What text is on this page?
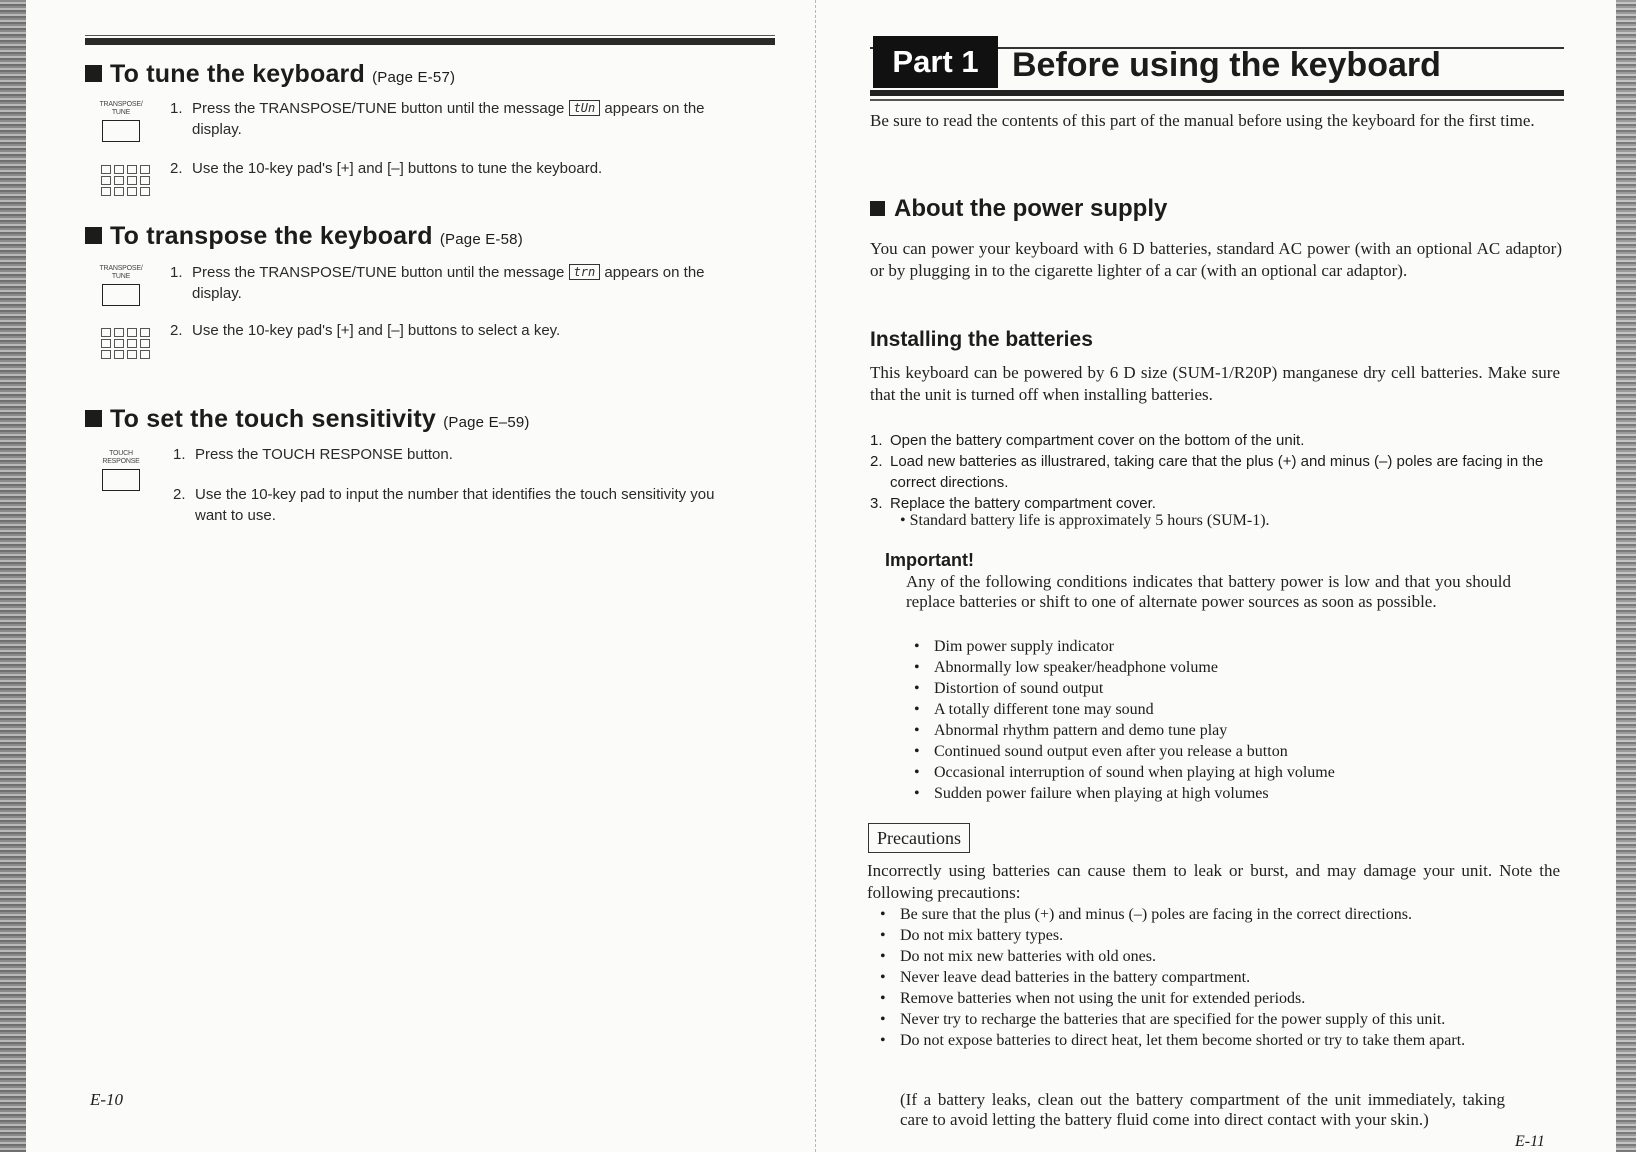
To tune the keyboard (Page E-57)
TRANSPOSE/
TUNE	1. Press the TRANSPOSE/TUNE button until the message tUn appears on the
display.
2. Use the 10-key pad's [+] and [–] buttons to tune the keyboard.
To transpose the keyboard (Page E-58)
TRANSPOSE/
TUNE	1. Press the TRANSPOSE/TUNE button until the message trn appears on the
display.
2. Use the 10-key pad's [+] and [–] buttons to select a key.
To set the touch sensitivity (Page E–59)
TOUCH RESPONSE	1. Press the TOUCH RESPONSE button.
2. Use the 10-key pad to input the number that identifies the touch sensitivity you
want to use.
E-10
Part 1 Before using the keyboard
Be sure to read the contents of this part of the manual before using the keyboard for the first time.
About the power supply
You can power your keyboard with 6 D batteries, standard AC power (with an optional AC adaptor) or by plugging in to the cigarette lighter of a car (with an optional car adaptor).
Installing the batteries
This keyboard can be powered by 6 D size (SUM-1/R20P) manganese dry cell batteries. Make sure that the unit is turned off when installing batteries.
1. Open the battery compartment cover on the bottom of the unit.
2. Load new batteries as illustrared, taking care that the plus (+) and minus (–) poles are facing in the correct directions.
3. Replace the battery compartment cover.
• Standard battery life is approximately 5 hours (SUM-1).
Important!
Any of the following conditions indicates that battery power is low and that you should replace batteries or shift to one of alternate power sources as soon as possible.
• Dim power supply indicator
• Abnormally low speaker/headphone volume
• Distortion of sound output
• A totally different tone may sound
• Abnormal rhythm pattern and demo tune play
• Continued sound output even after you release a button
• Occasional interruption of sound when playing at high volume
• Sudden power failure when playing at high volumes
Precautions
Incorrectly using batteries can cause them to leak or burst, and may damage your unit. Note the following precautions:
• Be sure that the plus (+) and minus (–) poles are facing in the correct directions.
• Do not mix battery types.
• Do not mix new batteries with old ones.
• Never leave dead batteries in the battery compartment.
• Remove batteries when not using the unit for extended periods.
• Never try to recharge the batteries that are specified for the power supply of this unit.
• Do not expose batteries to direct heat, let them become shorted or try to take them apart.
(If a battery leaks, clean out the battery compartment of the unit immediately, taking care to avoid letting the battery fluid come into direct contact with your skin.)
E-11
